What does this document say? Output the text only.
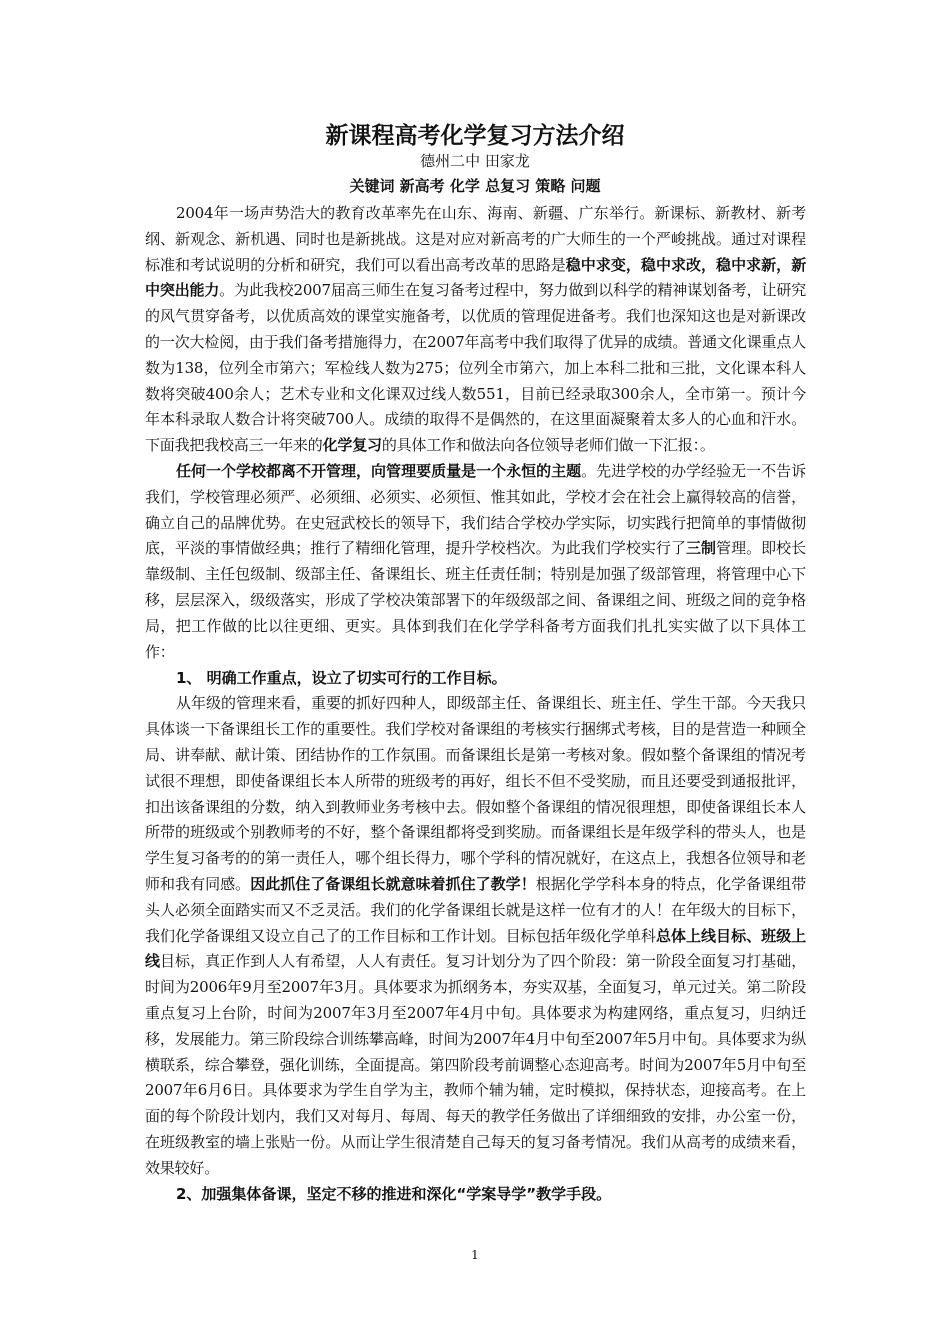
新课程高考化学复习方法介绍
德州二中 田家龙
关键词 新高考 化学 总复习 策略 问题

2004年一场声势浩大的教育改革率先在山东、海南、新疆、广东举行。新课标、新教材、新考纲、新观念、新机遇、同时也是新挑战。这是对应对新高考的广大师生的一个严峻挑战。通过对课程标准和考试说明的分析和研究，我们可以看出高考改革的思路是稳中求变，稳中求改，稳中求新，新中突出能力。为此我校2007届高三师生在复习备考过程中，努力做到以科学的精神谋划备考，让研究的风气贯穿备考，以优质高效的课堂实施备考，以优质的管理促进备考。我们也深知这也是对新课改的一次大检阅，由于我们备考措施得力，在2007年高考中我们取得了优异的成绩。普通文化课重点人数为138，位列全市第六；军检线人数为275；位列全市第六，加上本科二批和三批，文化课本科人数将突破400余人；艺术专业和文化课双过线人数551，目前已经录取300余人，全市第一。预计今年本科录取人数合计将突破700人。成绩的取得不是偶然的，在这里面凝聚着太多人的心血和汗水。下面我把我校高三一年来的化学复习的具体工作和做法向各位领导老师们做一下汇报：。

任何一个学校都离不开管理，向管理要质量是一个永恒的主题。先进学校的办学经验无一不告诉我们，学校管理必须严、必须细、必须实、必须恒、惟其如此，学校才会在社会上赢得较高的信誉，确立自己的品牌优势。在史冠武校长的领导下，我们结合学校办学实际，切实践行把简单的事情做彻底，平淡的事情做经典；推行了精细化管理，提升学校档次。为此我们学校实行了三制管理。即校长靠级制、主任包级制、级部主任、备课组长、班主任责任制；特别是加强了级部管理，将管理中心下移，层层深入，级级落实，形成了学校决策部署下的年级级部之间、备课组之间、班级之间的竞争格局，把工作做的比以往更细、更实。具体到我们在化学学科备考方面我们扎扎实实做了以下具体工作：

1、 明确工作重点，设立了切实可行的工作目标。

从年级的管理来看，重要的抓好四种人，即级部主任、备课组长、班主任、学生干部。今天我只具体谈一下备课组长工作的重要性。我们学校对备课组的考核实行捆绑式考核，目的是营造一种顾全局、讲奉献、献计策、团结协作的工作氛围。而备课组长是第一考核对象。假如整个备课组的情况考试很不理想，即使备课组长本人所带的班级考的再好，组长不但不受奖励，而且还要受到通报批评，扣出该备课组的分数，纳入到教师业务考核中去。假如整个备课组的情况很理想，即使备课组长本人所带的班级或个别教师考的不好，整个备课组都将受到奖励。而备课组长是年级学科的带头人，也是学生复习备考的的第一责任人，哪个组长得力，哪个学科的情况就好，在这点上，我想各位领导和老师和我有同感。因此抓住了备课组长就意味着抓住了教学！根据化学学科本身的特点，化学备课组带头人必须全面踏实而又不乏灵活。我们的化学备课组长就是这样一位有才的人！在年级大的目标下，我们化学备课组又设立自己了的工作目标和工作计划。目标包括年级化学单科总体上线目标、班级上线目标，真正作到人人有希望，人人有责任。复习计划分为了四个阶段：第一阶段全面复习打基础，时间为2006年9月至2007年3月。具体要求为抓纲务本，夯实双基，全面复习，单元过关。第二阶段重点复习上台阶，时间为2007年3月至2007年4月中旬。具体要求为构建网络，重点复习，归纳迁移，发展能力。第三阶段综合训练攀高峰，时间为2007年4月中旬至2007年5月中旬。具体要求为纵横联系，综合攀登，强化训练，全面提高。第四阶段考前调整心态迎高考。时间为2007年5月中旬至2007年6月6日。具体要求为学生自学为主，教师个辅为辅，定时模拟，保持状态，迎接高考。在上面的每个阶段计划内，我们又对每月、每周、每天的教学任务做出了详细细致的安排，办公室一份，在班级教室的墙上张贴一份。从而让学生很清楚自己每天的复习备考情况。我们从高考的成绩来看，效果较好。

2、加强集体备课，坚定不移的推进和深化“学案导学”教学手段。

1
